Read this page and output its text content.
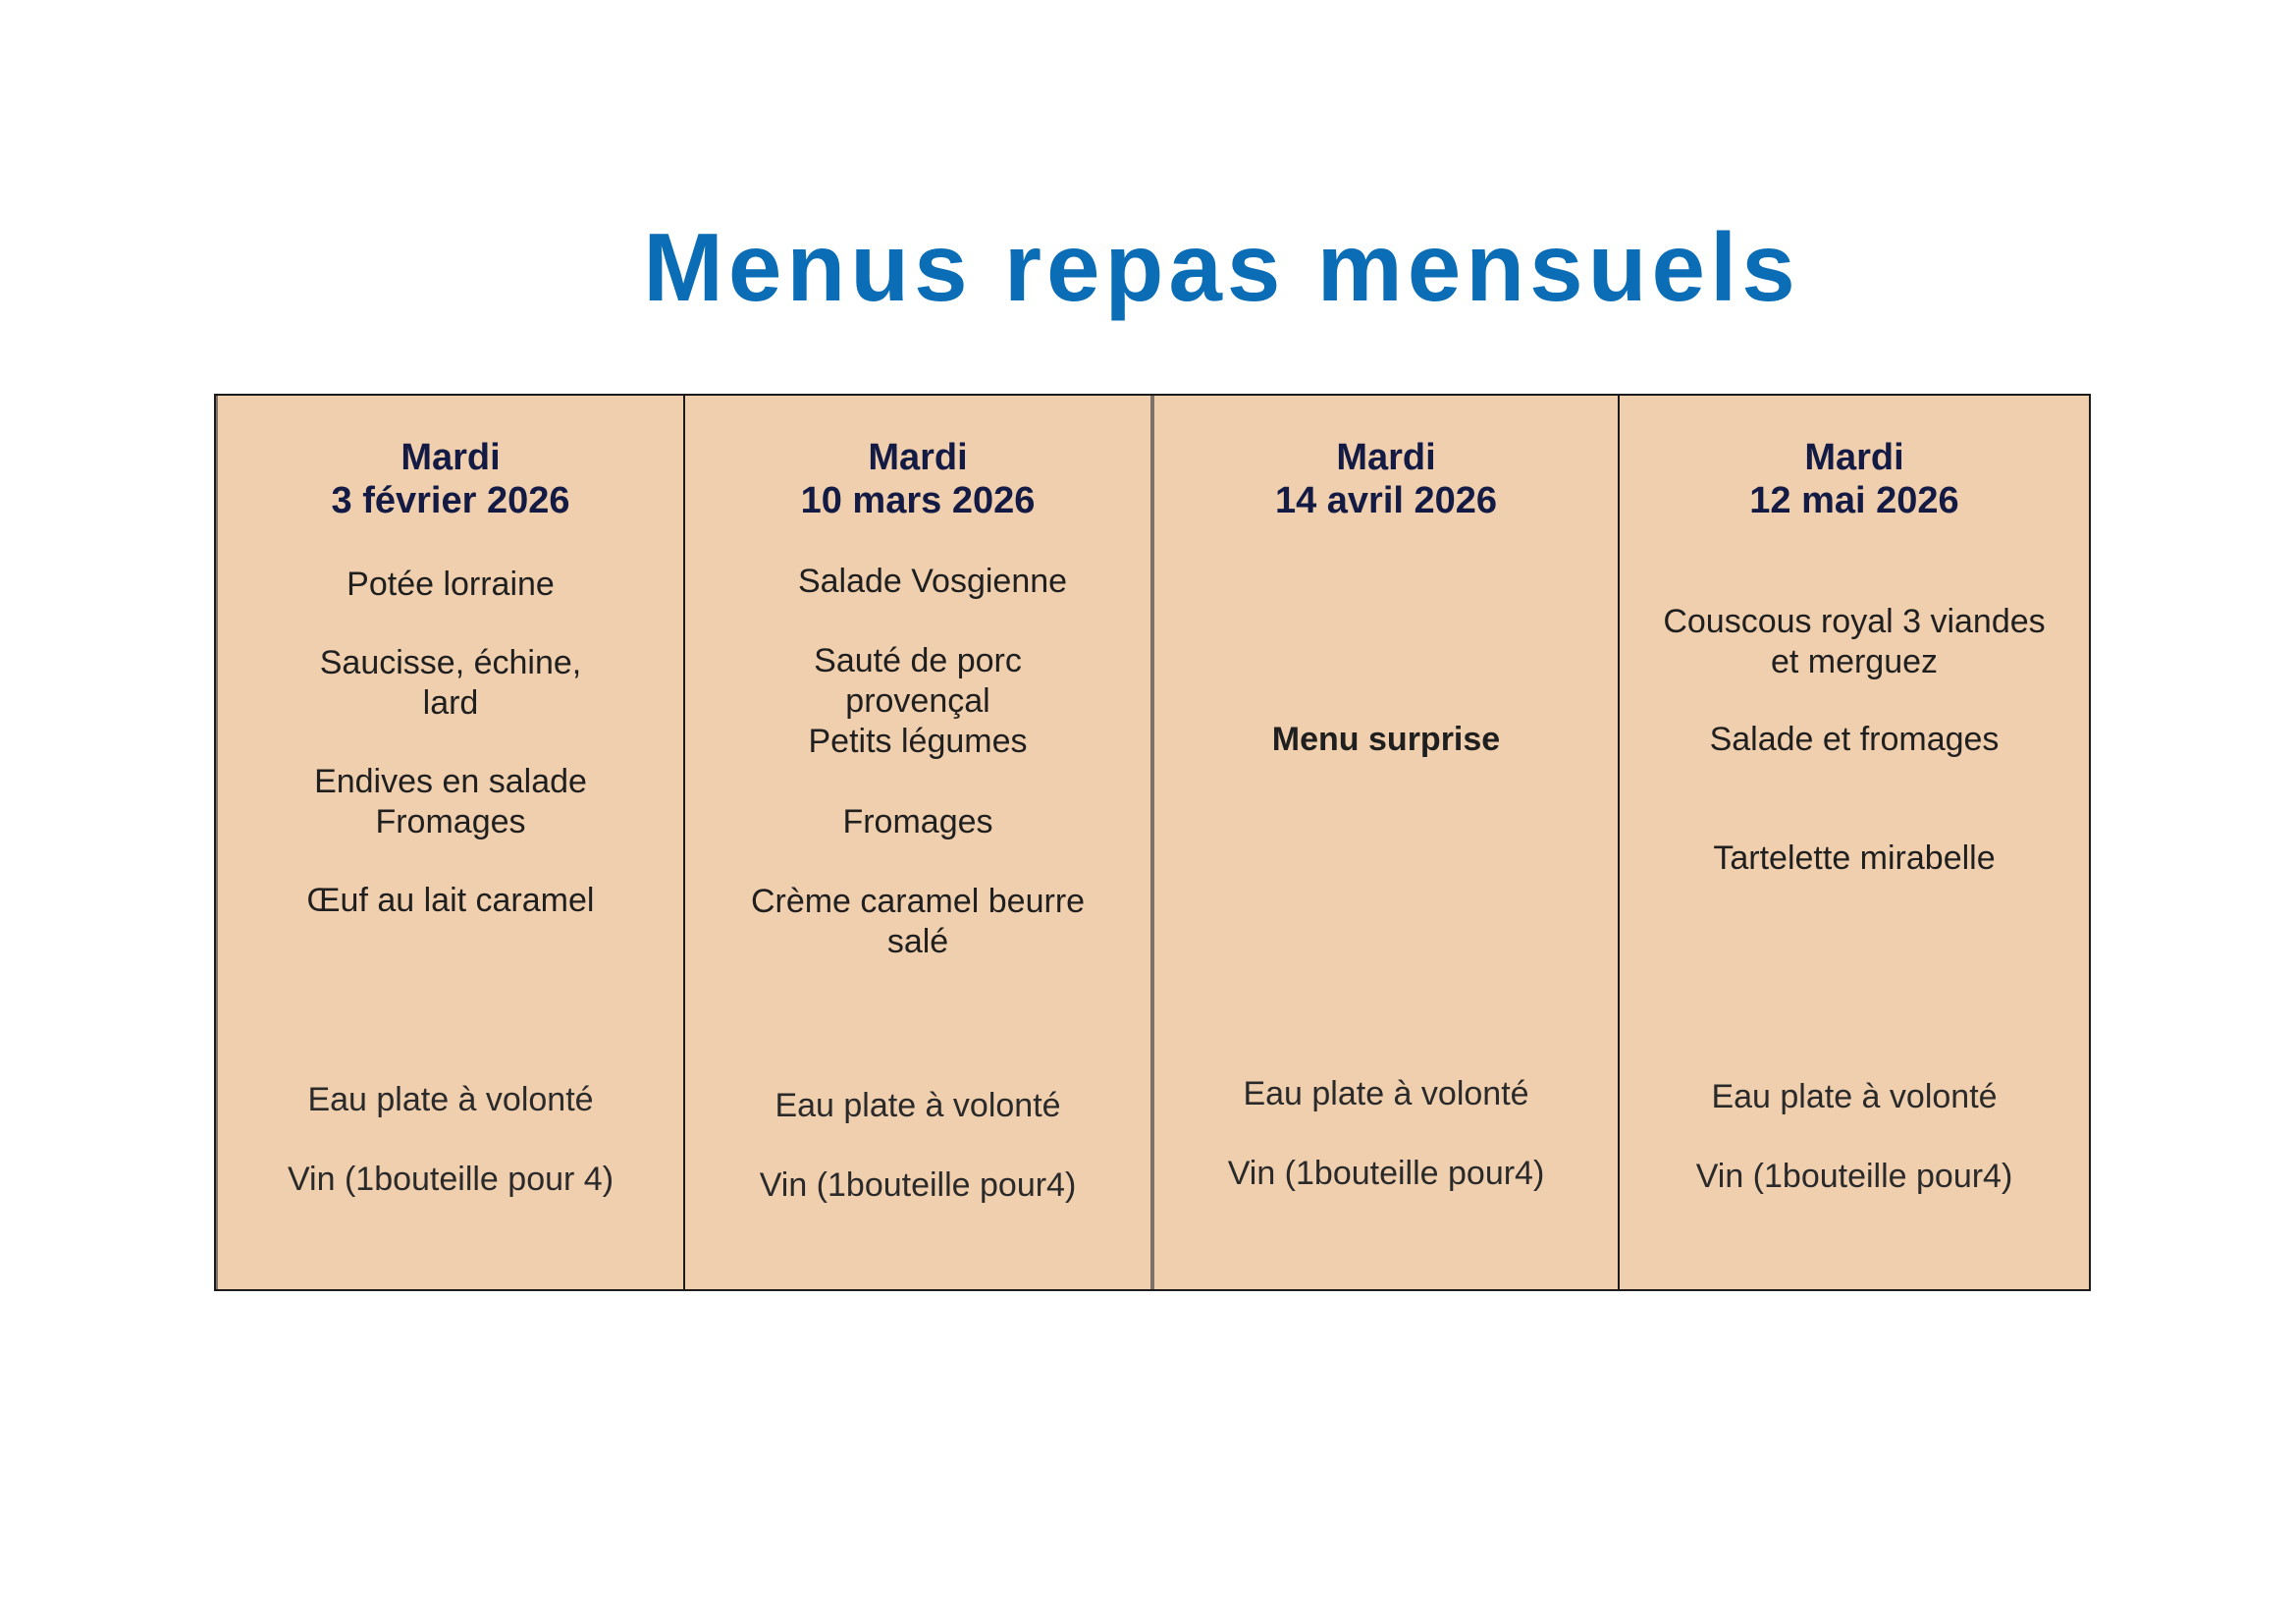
Menus repas mensuels
Mardi
3 février 2026
Potée lorraine
Saucisse, échine,
lard
Endives en salade
Fromages
Œuf au lait caramel
Eau plate à volonté
Vin (1bouteille pour 4)
Mardi
10 mars 2026
Salade Vosgienne
Sauté de porc
provençal
Petits légumes
Fromages
Crème caramel beurre
salé
Eau plate à volonté
Vin (1bouteille pour4)
Mardi
14 avril 2026
Menu surprise
Eau plate à volonté
Vin (1bouteille pour4)
Mardi
12 mai 2026
Couscous royal 3 viandes
et merguez
Salade et fromages
Tartelette mirabelle
Eau plate à volonté
Vin (1bouteille pour4)
